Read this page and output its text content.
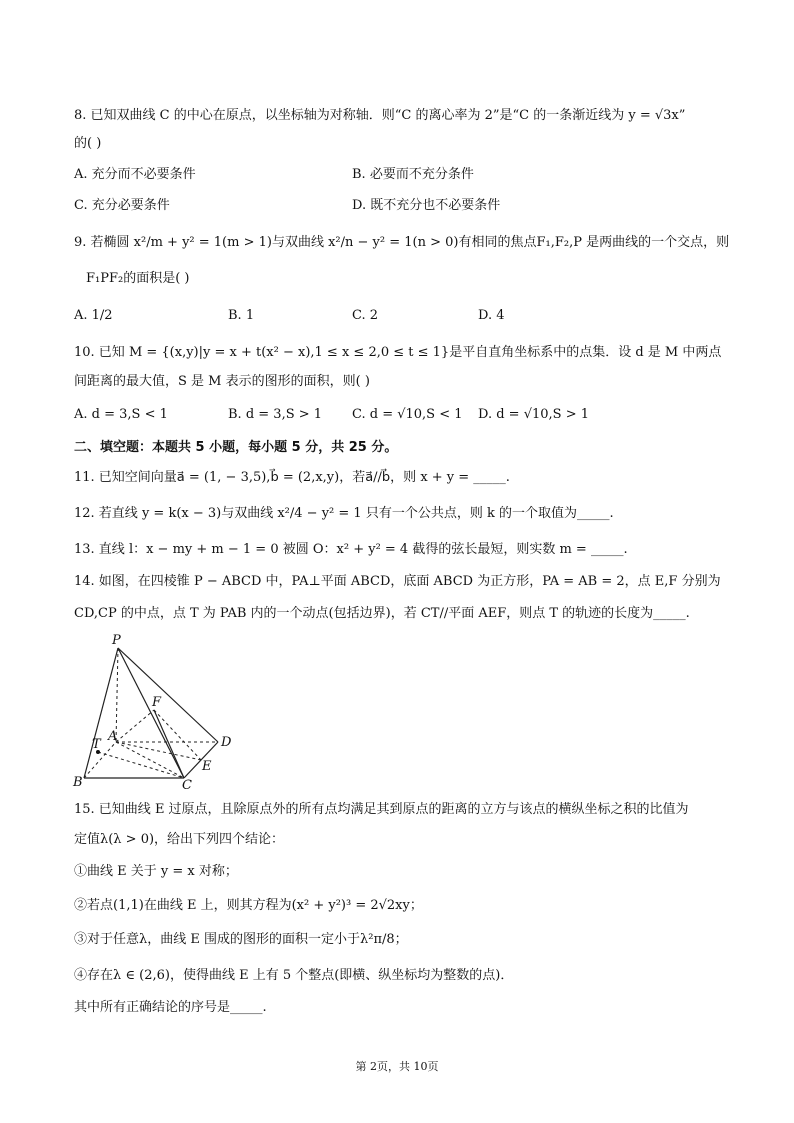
8. 已知双曲线 C 的中心在原点，以坐标轴为对称轴．则“C 的离心率为 2”是“C 的一条渐近线为 y = √3x”
的( )
A. 充分而不必要条件	B. 必要而不充分条件
C. 充分必要条件	D. 既不充分也不必要条件
9. 若椭圆 x²/m + y² = 1(m > 1)与双曲线 x²/n − y² = 1(n > 0)有相同的焦点F₁,F₂,P 是两曲线的一个交点，则
F₁PF₂的面积是( )
A. 1/2	B. 1	C. 2	D. 4
10. 已知 M = {(x,y)|y = x + t(x² − x),1 ≤ x ≤ 2,0 ≤ t ≤ 1}是平自直角坐标系中的点集．设 d 是 M 中两点
间距离的最大值，S 是 M 表示的图形的面积，则( )
A. d = 3,S < 1	B. d = 3,S > 1 C. d = √10,S < 1 D. d = √10,S > 1
二、填空题：本题共 5 小题，每小题 5 分，共 25 分。
11. 已知空间向量a⃗ = (1, − 3,5),b⃗ = (2,x,y)，若a⃗//b⃗，则 x + y = _____.
12. 若直线 y = k(x − 3)与双曲线 x²/4 − y² = 1 只有一个公共点，则 k 的一个取值为_____.
13. 直线 l：x − my + m − 1 = 0 被圆 O：x² + y² = 4 截得的弦长最短，则实数 m = _____.
14. 如图，在四棱锥 P − ABCD 中，PA⊥平面 ABCD，底面 ABCD 为正方形，PA = AB = 2，点 E,F 分别为
CD,CP 的中点，点 T 为 PAB 内的一个动点(包括边界)，若 CT//平面 AEF，则点 T 的轨迹的长度为_____.
P
F
A
T	D
E
B	C
15. 已知曲线 E 过原点，且除原点外的所有点均满足其到原点的距离的立方与该点的横纵坐标之积的比值为
定值λ(λ > 0)，给出下列四个结论：
①曲线 E 关于 y = x 对称；
②若点(1,1)在曲线 E 上，则其方程为(x² + y²)³ = 2√2xy；
③对于任意λ，曲线 E 围成的图形的面积一定小于λ²π/8；
④存在λ ∈ (2,6)，使得曲线 E 上有 5 个整点(即横、纵坐标均为整数的点)．
其中所有正确结论的序号是_____.
第 2页，共 10页
